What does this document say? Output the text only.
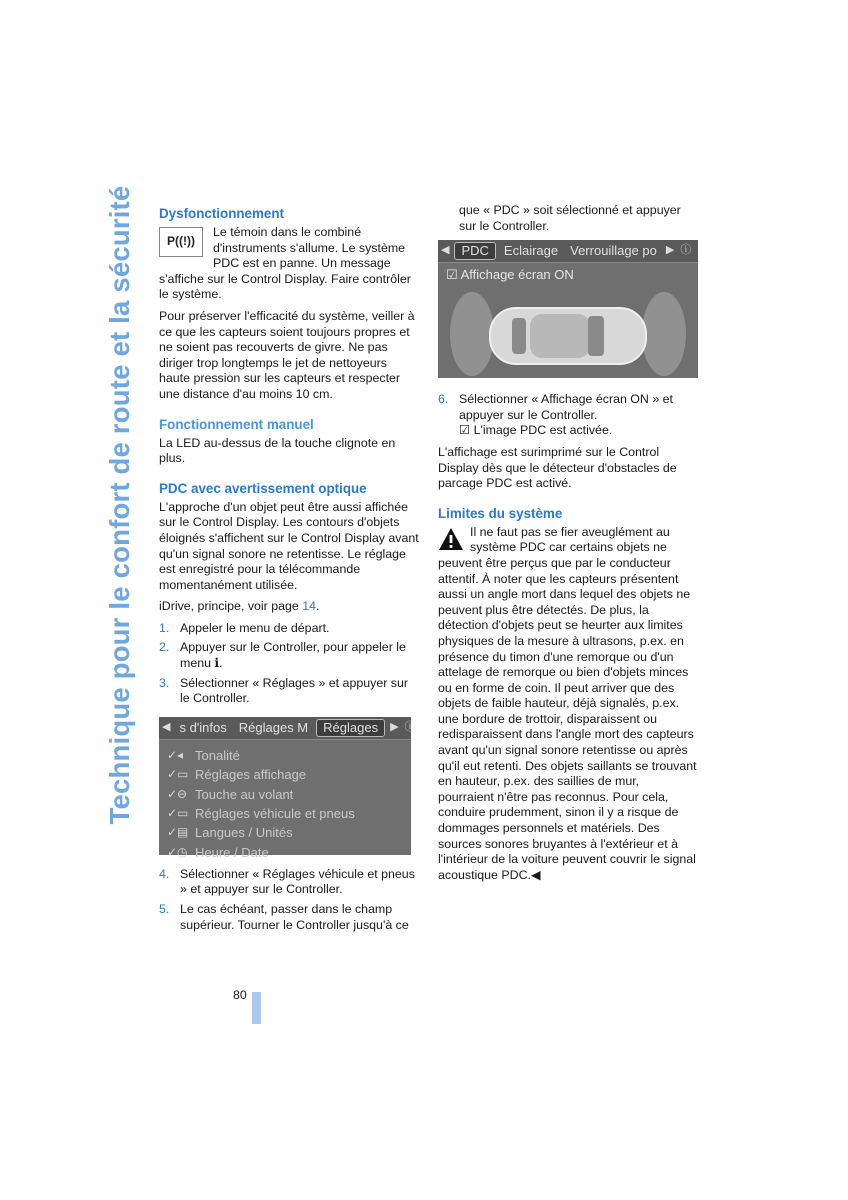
Technique pour le confort de route et la sécurité Dysfonctionnement
P((!))

Le témoin dans le combiné d'instruments s'allume. Le système PDC est en panne. Un message s'affiche sur le Control Display. Faire contrôler le système.

Pour préserver l'efficacité du système, veiller à ce que les capteurs soient toujours propres et ne soient pas recouverts de givre. Ne pas diriger trop longtemps le jet de nettoyeurs haute pression sur les capteurs et respecter une distance d'au moins 10 cm.

Fonctionnement manuel

La LED au-dessus de la touche clignote en plus.

PDC avec avertissement optique

L'approche d'un objet peut être aussi affichée sur le Control Display. Les contours d'objets éloignés s'affichent sur le Control Display avant qu'un signal sonore ne retentisse. Le réglage est enregistré pour la télécommande momentanément utilisée.

iDrive, principe, voir page 14.

1. Appeler le menu de départ.
2. Appuyer sur le Controller, pour appeler le menu ℹ.
3. Sélectionner « Réglages » et appuyer sur le Controller.
◀ s d'infos Réglages M	Réglages	▶ ⓘ
✓◂ Tonalité
✓▭ Réglages affichage
✓⊖ Touche au volant
✓▭ Réglages véhicule et pneus
✓▤ Langues / Unités
✓◷ Heure / Date
4. Sélectionner « Réglages véhicule et pneus » et appuyer sur le Controller.
5. Le cas échéant, passer dans le champ supérieur. Tourner le Controller jusqu'à ce

que « PDC » soit sélectionné et appuyer sur le Controller.

◀ PDC	Eclairage Verrouillage po ▶ ⓘ
☑ Affichage écran ON
6. Sélectionner « Affichage écran ON » et appuyer sur le Controller.
☑ L'image PDC est activée.

L'affichage est surimprimé sur le Control Display dès que le détecteur d'obstacles de parcage PDC est activé.

Limites du système

Il ne faut pas se fier aveuglément au système PDC car certains objets ne peuvent être perçus que par le conducteur attentif. À noter que les capteurs présentent aussi un angle mort dans lequel des objets ne peuvent plus être détectés. De plus, la détection d'objets peut se heurter aux limites physiques de la mesure à ultrasons, p.ex. en présence du timon d'une remorque ou d'un attelage de remorque ou bien d'objets minces ou en forme de coin. Il peut arriver que des objets de faible hauteur, déjà signalés, p.ex. une bordure de trottoir, disparaissent ou redisparaissent dans l'angle mort des capteurs avant qu'un signal sonore retentisse ou après qu'il eut retenti. Des objets saillants se trouvant en hauteur, p.ex. des saillies de mur, pourraient n'être pas reconnus. Pour cela, conduire prudemment, sinon il y a risque de dommages personnels et matériels. Des sources sonores bruyantes à l'extérieur et à l'intérieur de la voiture peuvent couvrir le signal acoustique PDC.◀

80
